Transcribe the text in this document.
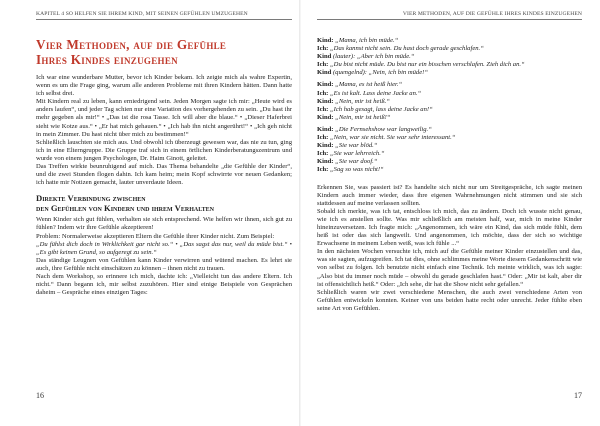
KAPITEL 4 SO HELFEN SIE IHREM KIND, MIT SEINEN GEFÜHLEN UMZUGEHEN
Vier Methoden, auf die Gefühle
Ihres Kindes einzugehen

Ich war eine wunderbare Mutter, bevor ich Kinder bekam. Ich zeigte mich als wahre Expertin, wenn es um die Frage ging, warum alle anderen Probleme mit ihren Kindern hätten. Dann hatte ich selbst drei.

Mit Kindern real zu leben, kann erniedrigend sein. Jeden Morgen sagte ich mir: „Heute wird es anders laufen“, und jeder Tag schien nur eine Variation des vorhergehenden zu sein. „Du hast ihr mehr gegeben als mir!“ • „Das ist die rosa Tasse. Ich will aber die blaue.“ • „Dieser Haferbrei sieht wie Kotze aus.“ • „Er hat mich gehauen.“ • „Ich hab ihn nicht angerührt!“ • „Ich geh nicht in mein Zimmer. Du hast nicht über mich zu bestimmen!“

Schließlich lauschten sie mich aus. Und obwohl ich überzeugt gewesen war, das nie zu tun, ging ich in eine Elterngruppe. Die Gruppe traf sich in einem örtlichen Kinderberatungszentrum und wurde von einem jungen Psychologen, Dr. Haim Ginott, geleitet.

Das Treffen wirkte beunruhigend auf mich. Das Thema behandelte „die Gefühle der Kinder“, und die zwei Stunden flogen dahin. Ich kam heim; mein Kopf schwirrte vor neuen Gedanken; ich hatte mir Notizen gemacht, lauter unverdaute Ideen.

Direkte Verbindung zwischen
den Gefühlen von Kindern und ihrem Verhalten

Wenn Kinder sich gut fühlen, verhalten sie sich entsprechend. Wie helfen wir ihnen, sich gut zu fühlen? Indem wir ihre Gefühle akzeptieren!

Problem: Normalerweise akzeptieren Eltern die Gefühle ihrer Kinder nicht. Zum Beispiel:

„Du fühlst dich doch in Wirklichkeit gar nicht so.“ • „Das sagst das nur, weil du müde bist.“ • „Es gibt keinen Grund, so aufgeregt zu sein.“

Das ständige Leugnen von Gefühlen kann Kinder verwirren und wütend machen. Es lehrt sie auch, ihre Gefühle nicht einschätzen zu können – ihnen nicht zu trauen.

Nach dem Workshop, so erinnere ich mich, dachte ich: „Vielleicht tun das andere Eltern. Ich nicht.“ Dann begann ich, mir selbst zuzuhören. Hier sind einige Beispiele von Gesprächen daheim – Gespräche eines einzigen Tages:

16
VIER METHODEN, AUF DIE GEFÜHLE IHRES KINDES EINZUGEHEN
Kind: „Mama, ich bin müde.“
Ich: „Das kannst nicht sein. Du hast doch gerade geschlafen.“
Kind (lauter): „Aber ich bin müde.“
Ich: „Du bist nicht müde. Du bist nur ein bisschen verschlafen. Zieh dich an.“
Kind (quengelnd): „Nein, ich bin müde!“
Kind: „Mama, es ist heiß hier.“
Ich: „Es ist kalt. Lass deine Jacke an.“
Kind: „Nein, mir ist heiß.“
Ich: „Ich hab gesagt, lass deine Jacke an!“
Kind: „Nein, mir ist heiß!“
Kind: „Die Fernsehshow war langweilig.“
Ich: „Nein, war sie nicht. Sie war sehr interessant.“
Kind: „Sie war blöd.“
Ich: „Sie war lehrreich.“
Kind: „Sie war doof.“
Ich: „Sag so was nicht!“

Erkennen Sie, was passiert ist? Es handelte sich nicht nur um Streitgespräche, ich sagte meinen Kindern auch immer wieder, dass ihre eigenen Wahrnehmungen nicht stimmen und sie sich stattdessen auf meine verlassen sollten.

Sobald ich merkte, was ich tat, entschloss ich mich, das zu ändern. Doch ich wusste nicht genau, wie ich es anstellen sollte. Was mir schließlich am meisten half, war, mich in meine Kinder hineinzuversetzen. Ich fragte mich: „Angenommen, ich wäre ein Kind, das sich müde fühlt, dem heiß ist oder das sich langweilt. Und angenommen, ich möchte, dass der sich so wichtige Erwachsene in meinem Leben weiß, was ich fühle ...“

In den nächsten Wochen versuchte ich, mich auf die Gefühle meiner Kinder einzustellen und das, was sie sagten, aufzugreifen. Ich tat dies, ohne schlimmes meine Worte diesem Gedankenschritt wie von selbst zu folgen. Ich benutzte nicht einfach eine Technik. Ich meinte wirklich, was ich sagte: „Also bist du immer noch müde – obwohl du gerade geschlafen hast.“ Oder: „Mir ist kalt, aber dir ist offensichtlich heiß.“ Oder: „Ich sehe, dir hat die Show nicht sehr gefallen.“

Schließlich waren wir zwei verschiedene Menschen, die auch zwei verschiedene Arten von Gefühlen entwickeln konnten. Keiner von uns beiden hatte recht oder unrecht. Jeder fühlte eben seine Art von Gefühlen.

17
